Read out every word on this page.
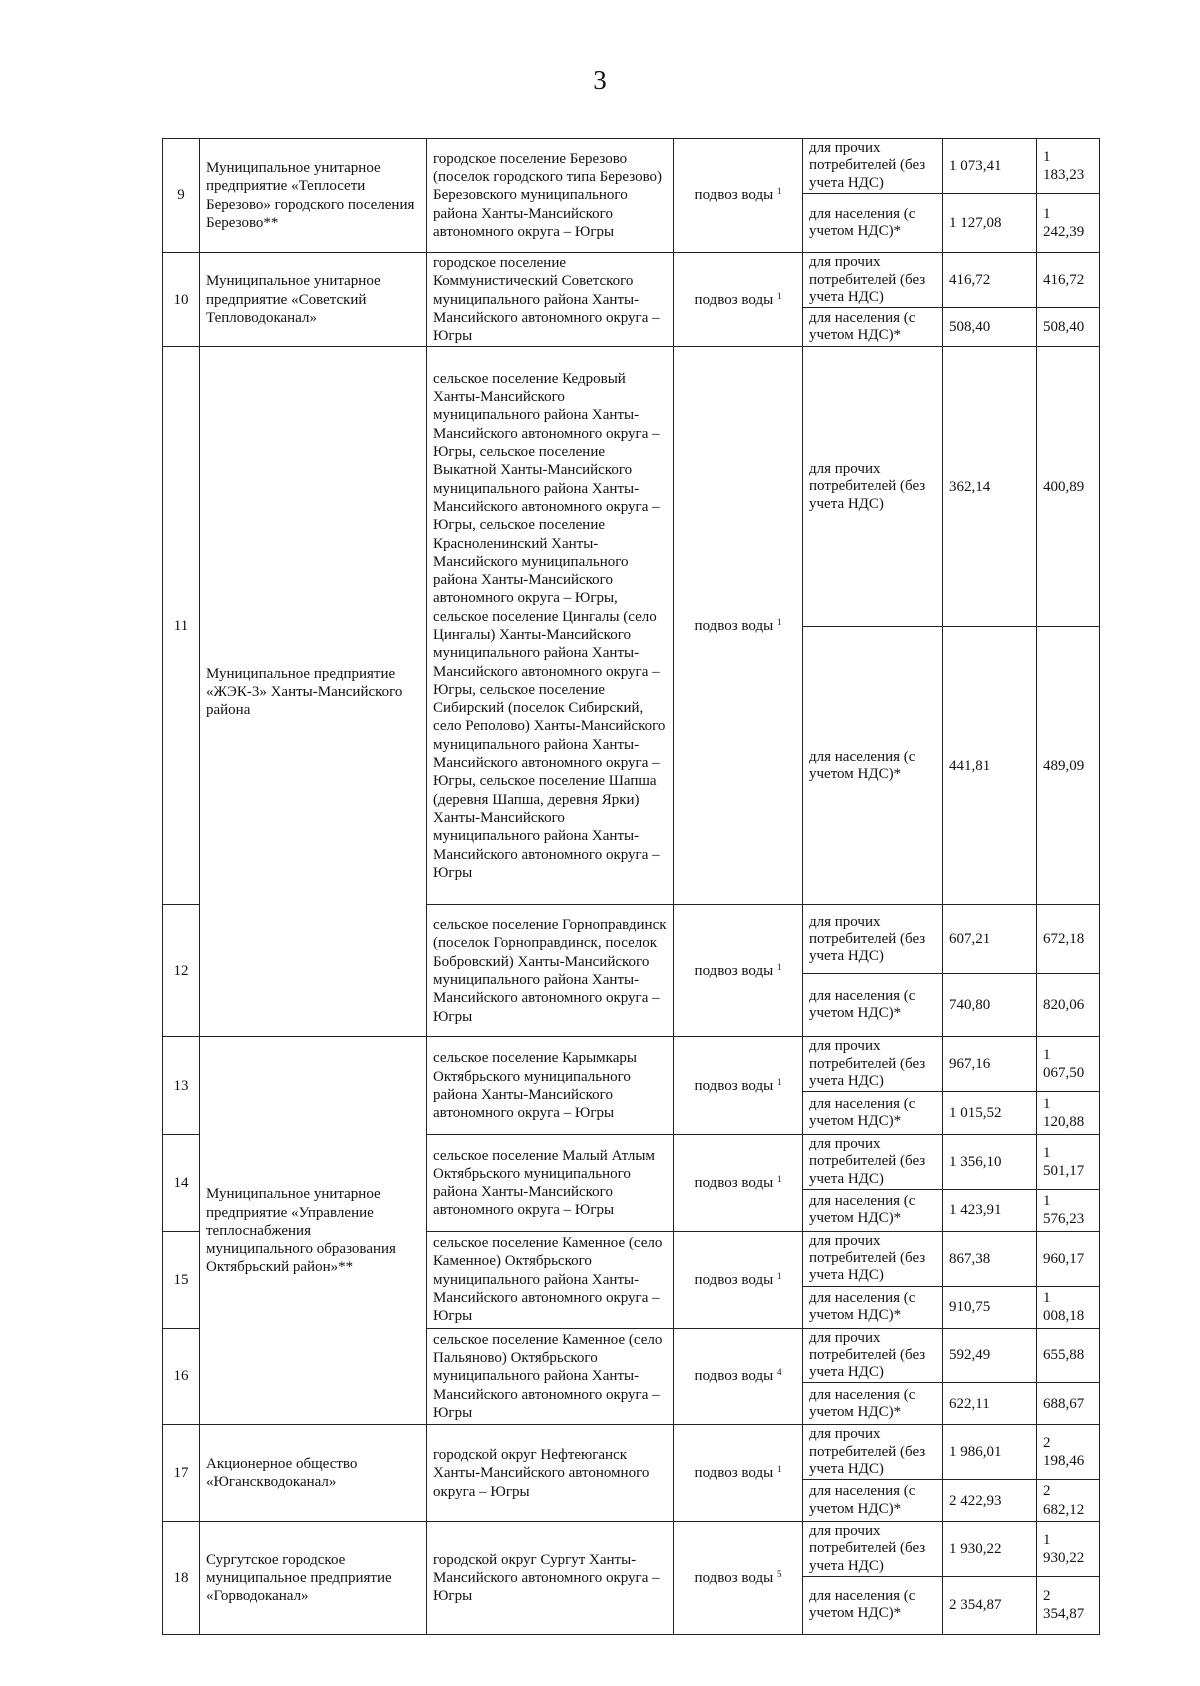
3
9	Муниципальное унитарное предприятие «Теплосети Березово» городского поселения Березово**	городское поселение Березово (поселок городского типа Березово) Березовского муниципального района Ханты-Мансийского автономного округа – Югры	подвоз воды $^1$	для прочих потребителей (без учета НДС)	1 073,41	1 183,23
				для населения (с учетом НДС)*	1 127,08	1 242,39
10	Муниципальное унитарное предприятие «Советский Тепловодоканал»	городское поселение Коммунистический Советского муниципального района Ханты-Мансийского автономного округа – Югры	подвоз воды $^1$	для прочих потребителей (без учета НДС)	416,72	416,72
				для населения (с учетом НДС)*	508,40	508,40
11	Муниципальное предприятие «ЖЭК-3» Ханты-Мансийского района	сельское поселение Кедровый Ханты-Мансийского муниципального района Ханты-Мансийского автономного округа – Югры, сельское поселение Выкатной Ханты-Мансийского муниципального района Ханты-Мансийского автономного округа – Югры, сельское поселение Красноленинский Ханты-Мансийского муниципального района Ханты-Мансийского автономного округа – Югры, сельское поселение Цингалы (село Цингалы) Ханты-Мансийского муниципального района Ханты-Мансийского автономного округа – Югры, сельское поселение Сибирский (поселок Сибирский, село Реполово) Ханты-Мансийского муниципального района Ханты-Мансийского автономного округа – Югры, сельское поселение Шапша (деревня Шапша, деревня Ярки) Ханты-Мансийского муниципального района Ханты-Мансийского автономного округа – Югры	подвоз воды $^1$	для прочих потребителей (без учета НДС)	362,14	400,89
				для населения (с учетом НДС)*	441,81	489,09
12		сельское поселение Горноправдинск (поселок Горноправдинск, поселок Бобровский) Ханты-Мансийского муниципального района Ханты-Мансийского автономного округа – Югры	подвоз воды $^1$	для прочих потребителей (без учета НДС)	607,21	672,18
				для населения (с учетом НДС)*	740,80	820,06
13	Муниципальное унитарное предприятие «Управление теплоснабжения муниципального образования Октябрьский район»**	сельское поселение Карымкары Октябрьского муниципального района Ханты-Мансийского автономного округа – Югры	подвоз воды $^1$	для прочих потребителей (без учета НДС)	967,16	1 067,50
				для населения (с учетом НДС)*	1 015,52	1 120,88
14		сельское поселение Малый Атлым Октябрьского муниципального района Ханты-Мансийского автономного округа – Югры	подвоз воды $^1$	для прочих потребителей (без учета НДС)	1 356,10	1 501,17
				для населения (с учетом НДС)*	1 423,91	1 576,23
15		сельское поселение Каменное (село Каменное) Октябрьского муниципального района Ханты-Мансийского автономного округа – Югры	подвоз воды $^1$	для прочих потребителей (без учета НДС)	867,38	960,17
				для населения (с учетом НДС)*	910,75	1 008,18
16		сельское поселение Каменное (село Пальяново) Октябрьского муниципального района Ханты-Мансийского автономного округа – Югры	подвоз воды $^4$	для прочих потребителей (без учета НДС)	592,49	655,88
				для населения (с учетом НДС)*	622,11	688,67
17	Акционерное общество «Юганскводоканал»	городской округ Нефтеюганск Ханты-Мансийского автономного округа – Югры	подвоз воды $^1$	для прочих потребителей (без учета НДС)	1 986,01	2 198,46
				для населения (с учетом НДС)*	2 422,93	2 682,12
18	Сургутское городское муниципальное предприятие «Горводоканал»	городской округ Сургут Ханты-Мансийского автономного округа – Югры	подвоз воды $^5$	для прочих потребителей (без учета НДС)	1 930,22	1 930,22
				для населения (с учетом НДС)*	2 354,87	2 354,87
